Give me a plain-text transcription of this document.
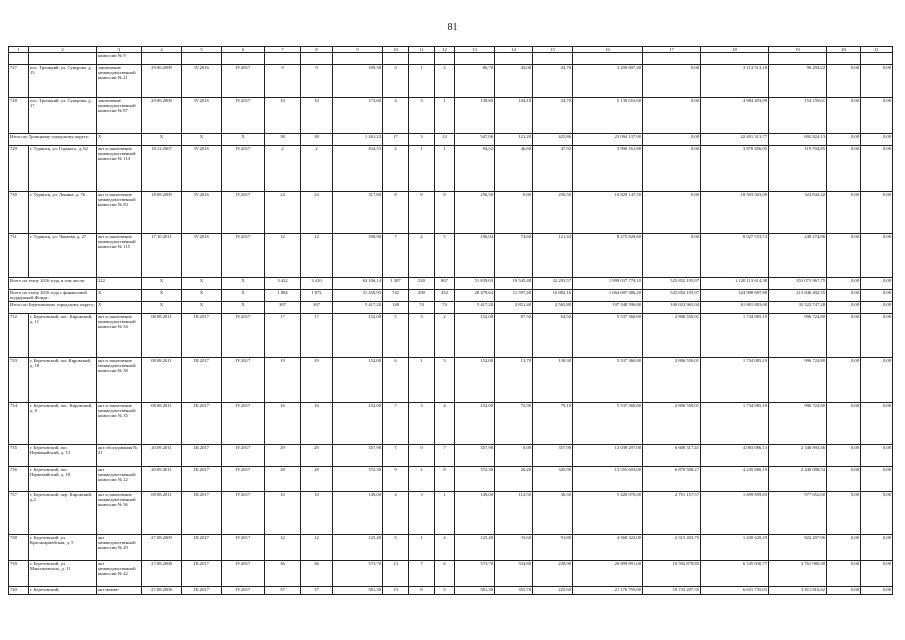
81
1	2	3	4	5	6	7	8	9	10	11	12	13	14	15	16	17	18	19	20	21
		комиссии № 9																		
727	пос. Троицкий, ул. Суворова, д. 15	заключение межведомственной комиссии № 21	29.06.2009	IV.2016	IV.2017	9	9	109,30	3	1	2	86,70	43,00	43,70	3 209 807,40	0,00	3 113 513,18	96 294,22	0,00	0,00
728	пос. Троицкий, ул. Суворова, д. 17	заключение межведомственной комиссии № 87	29.06.2009	IV.2016	IV.2017	10	10	173,60	4	3	1	138,80	104,10	34,70	5 138 653,60	0,00	4 984 493,99	154 159,61	0,00	0,00
Итого по Троицкому городскому округу:		X	X	X	X	38	38	1 261,23	17	3	14	547,06	121,20	425,86	23 094 137,90	0,00	22 401 313,77	692 824,13	0,00	0,00
729	г. Туринск, ул. Горького, д. 62	акт и заключение межведомственной комиссии № 114	18.12.2007	IV.2016	IV.2017	2	2	434,53	2	1	1	94,52	46,60	47,92	3 990 161,80	0,00	3 870 456,95	119 704,85	0,00	0,00
730	г. Туринск, ул. Ленина, д. 76	акт и заключение межведомственной комиссии № 83	18.08.2009	IV.2016	IV.2017	24	24	317,80	8	0	8	256,50	0,00	256,50	10 828 147,50	0,00	10 503 303,08	324 844,42	0,00	0,00
731	г. Туринск, ул. Чапаева, д. 27	акт и заключение межведомственной комиссии № 115	17.10.2011	IV.2016	IV.2017	12	12	508,90	7	2	5	196,04	74,60	121,44	8 275 828,60	0,00	8 027 553,74	248 274,86	0,00	0,00
Всего по этапу 2016 года, в том числе:		222	X	X	X	3 422	3 410	63 106,14	1 387	520	867	51 839,03	19 545,48	32 293,57	1 999 037 778,10	525 852 195,97	1 120 113 614,38	353 071 967,75	0,00	0,00
Всего по этапу 2016 года с финансовой поддержкой Фонда:		X	X	X	X	1 884	1 872	31 450,93	742	290	452	28 479,64	11 597,48	16 882,16	1 064 607 386,20	525 852 195,97	324 908 697,88	213 846 492,35	0,00	0,00
Итого по Березовскому городскому округу:		X	X	X	X	307	307	5 417,20	148	74	74	5 417,20	2 851,40	2 565,80	197 348 596,00	100 023 965,04	61 801 883,68	35 522 747,28	0,00	0,00
732	г. Березовский, пос. Кировский, д. 11	акт и заключение межведомственной комиссии № 34	08.08.2011	III.2017	IV.2017	17	17	152,00	5	3	2	152,00	87,50	64,50	5 537 360,00	2 806 550,01	1 734 085,19	996 724,80	0,00	0,00
733	г. Березовский, пос.Кировский, д. 18	акт и заключение межведомственной комиссии № 38	08.08.2011	III.2017	IV.2017	19	19	152,00	6	1	5	152,00	13,70	138,30	5 537 360,00	2 806 550,01	1 734 085,19	996 724,80	0,00	0,00
734	г. Березовский, пос. Кировский, д. 6	акт и заключение межведомственной комиссии № 35	08.08.2011	III.2017	IV.2017	16	16	152,00	7	3	4	152,00	72,90	79,10	5 537 360,00	2 806 550,01	1 734 085,19	996 724,80	0,00	0,00
735	г. Березовский, пос. Первомайский, д. 13	акт обследования № 21	20.09.2011	III.2017	IV.2017	29	29	357,90	7	0	7	357,90	0,00	357,90	13 038 297,00	6 608 317,41	4 083 086,13	2 346 893,46	0,00	0,00
736	г. Березовский, пос. Первомайский, д. 19	акт межведомственной комиссии № 22	20.09.2011	III.2017	IV.2017	28	28	372,30	9	1	8	372,30	26,20	345,90	13 555 603,00	6 870 508,27	4 245 086,19	2 440 008,54	0,00	0,00
737	г. Березовский, пер. Кировский, д.2	акт и заключение межведомственной комиссии № 36	08.08.2011	III.2017	IV.2017	10	10	149,00	4	3	1	149,00	112,50	36,50	5 428 070,00	2 751 157,57	1 699 859,83	977 052,60	0,00	0,00
738	г. Березовский, ул. Красноармейская, д. 5	акт межведомственной комиссии № 29	27.08.2009	III.2017	IV.2017	12	12	125,40	5	1	4	125,40	33,60	91,80	4 568 322,00	2 315 403,75	1 430 620,29	822 297,96	0,00	0,00
739	г. Березовский, ул. Максимовских, д. 11	акт межведомственной комиссии № 42	27.08.2008	III.2017	IV.2017	36	36	573,70	13	7	6	573,70	334,80	238,90	20 899 891,00	10 592 879,85	6 545 030,77	3 761 980,38	0,00	0,00
740	г. Березовский,	акт межве-	27.08.2008	III.2017	IV.2017	37	37	581,30	13	8	5	581,30	355,70	225,60	21 176 759,00	10 733 207,35	6 631 735,03	3 811 816,62	0,00	0,00
